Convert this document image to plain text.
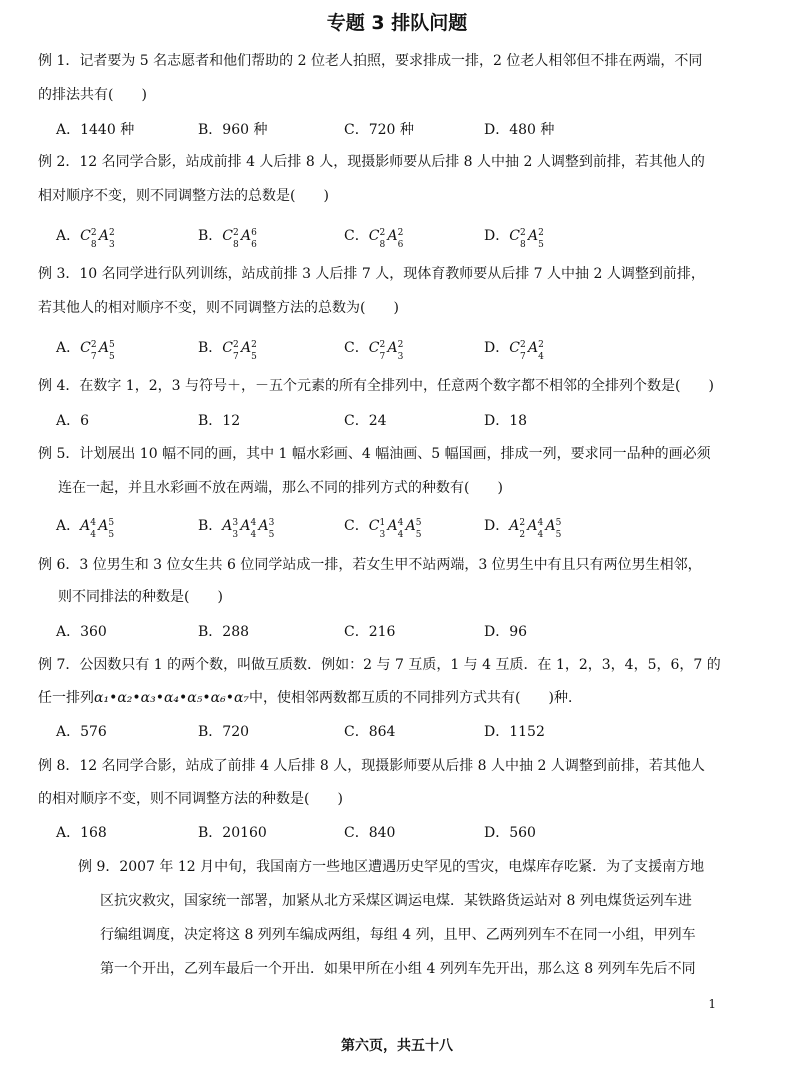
专题 3 排队问题
例 1．记者要为 5 名志愿者和他们帮助的 2 位老人拍照，要求排成一排，2 位老人相邻但不排在两端，不同
的排法共有(　　)
A．1440 种	B．960 种	C．720 种	D．480 种
例 2．12 名同学合影，站成前排 4 人后排 8 人，现摄影师要从后排 8 人中抽 2 人调整到前排，若其他人的
相对顺序不变，则不同调整方法的总数是(　　)
A．C 2
8
A 2
3
B．C 2
8
A 6
6
C．C 2
8
A 2
6
D．C 2
8
A 2
5
例 3．10 名同学进行队列训练，站成前排 3 人后排 7 人，现体育教师要从后排 7 人中抽 2 人调整到前排，
若其他人的相对顺序不变，则不同调整方法的总数为(　　)
A．C 2
7
A 5
5
B．C 2
7
A 2
5
C．C 2
7
A 2
3
D．C 2
7
A 2
4
例 4．在数字 1，2，3 与符号＋，－五个元素的所有全排列中，任意两个数字都不相邻的全排列个数是(　　)
A．6	B．12	C．24	D．18
例 5．计划展出 10 幅不同的画，其中 1 幅水彩画、4 幅油画、5 幅国画，排成一列，要求同一品种的画必须
连在一起，并且水彩画不放在两端，那么不同的排列方式的种数有(　　)
A．A 4
4
A 5
5
B．A 3
3
A 4
4
A 3
5
C．C 1
3
A 4
4
A 5
5
D．A 2
2
A 4
4
A 5
5
例 6．3 位男生和 3 位女生共 6 位同学站成一排，若女生甲不站两端，3 位男生中有且只有两位男生相邻，
则不同排法的种数是(　　)
A．360	B．288	C．216	D．96
例 7．公因数只有 1 的两个数，叫做互质数．例如：2 与 7 互质，1 与 4 互质．在 1，2，3，4，5，6，7 的
任一排列α₁•α₂•α₃•α₄•α₅•α₆•α₇中，使相邻两数都互质的不同排列方式共有(　　)种．
A．576	B．720	C．864	D．1152
例 8．12 名同学合影，站成了前排 4 人后排 8 人，现摄影师要从后排 8 人中抽 2 人调整到前排，若其他人
的相对顺序不变，则不同调整方法的种数是(　　)
A．168	B．20160	C．840	D．560
例 9．2007 年 12 月中旬，我国南方一些地区遭遇历史罕见的雪灾，电煤库存吃紧．为了支援南方地
区抗灾救灾，国家统一部署，加紧从北方采煤区调运电煤．某铁路货运站对 8 列电煤货运列车进
行编组调度，决定将这 8 列列车编成两组，每组 4 列，且甲、乙两列列车不在同一小组，甲列车
第一个开出，乙列车最后一个开出．如果甲所在小组 4 列列车先开出，那么这 8 列列车先后不同
1
第六页，共五十八
